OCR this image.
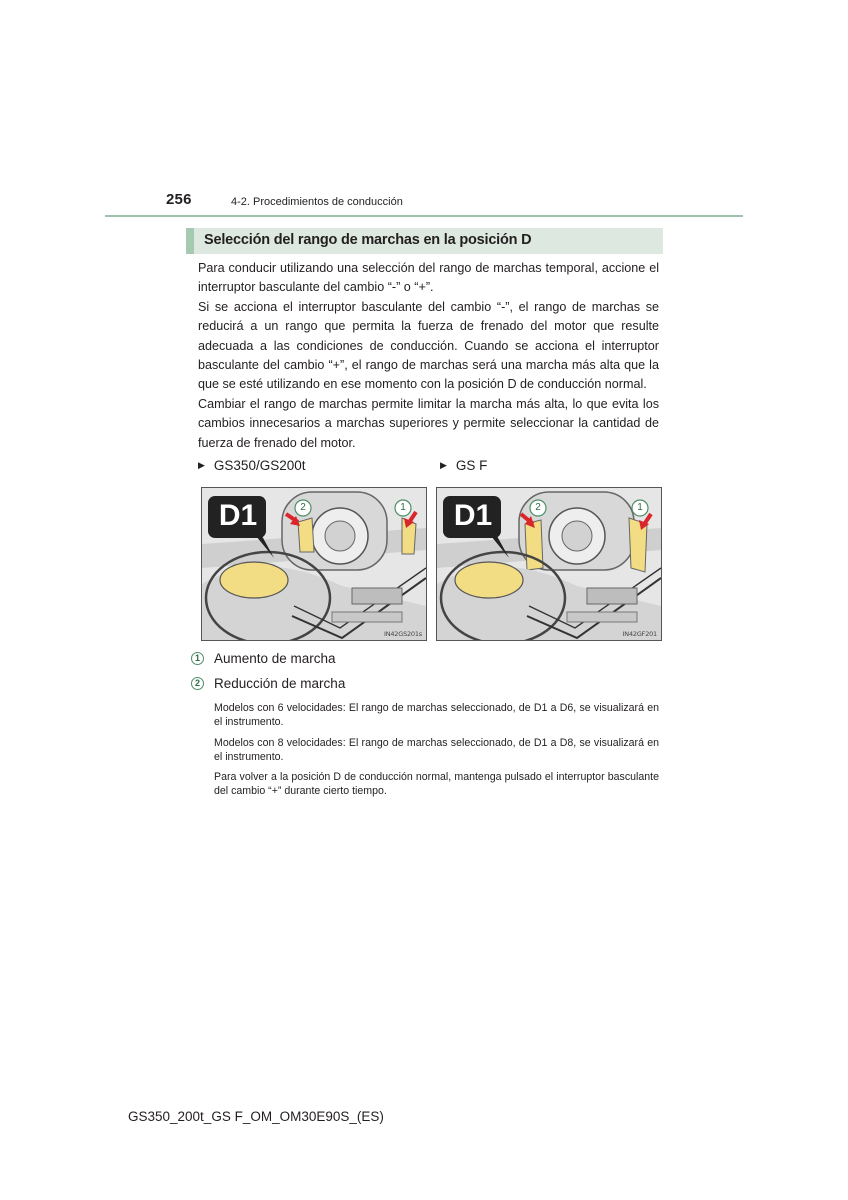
256	4-2. Procedimientos de conducción
Selección del rango de marchas en la posición D

Para conducir utilizando una selección del rango de marchas temporal, accione el interruptor basculante del cambio “-” o “+”.

Si se acciona el interruptor basculante del cambio “-”, el rango de marchas se reducirá a un rango que permita la fuerza de frenado del motor que resulte adecuada a las condiciones de conducción. Cuando se acciona el interruptor basculante del cambio “+”, el rango de marchas será una marcha más alta que la que se esté utilizando en ese momento con la posición D de conducción normal.

Cambiar el rango de marchas permite limitar la marcha más alta, lo que evita los cambios innecesarios a marchas superiores y permite seleccionar la cantidad de fuerza de frenado del motor.

▶ GS350/GS200t	▶ GS F
D1	1
2
IN42GS201s
D1	1
2
IN42GF201
1 Aumento de marcha
2 Reducción de marcha

Modelos con 6 velocidades: El rango de marchas seleccionado, de D1 a D6, se visualizará en el instrumento.

Modelos con 8 velocidades: El rango de marchas seleccionado, de D1 a D8, se visualizará en el instrumento.

Para volver a la posición D de conducción normal, mantenga pulsado el interruptor basculante del cambio “+” durante cierto tiempo.

GS350_200t_GS F_OM_OM30E90S_(ES)
